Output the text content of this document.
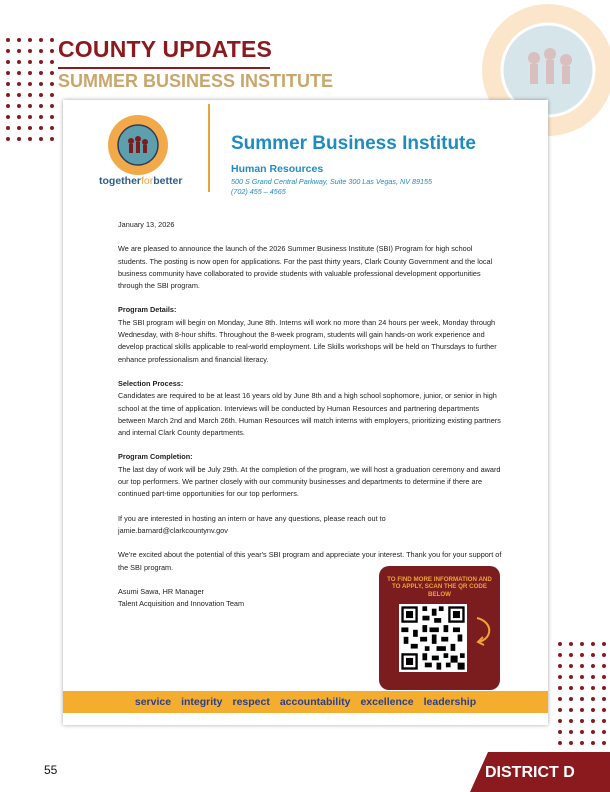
COUNTY UPDATES
SUMMER BUSINESS INSTITUTE
togetherforbetter
Summer Business Institute
Human Resources
500 S Grand Central Parkway, Suite 300 Las Vegas, NV 89155
(702) 455 – 4565

January 13, 2026

We are pleased to announce the launch of the 2026 Summer Business Institute (SBI) Program for high school students. The posting is now open for applications. For the past thirty years, Clark County Government and the local business community have collaborated to provide students with valuable professional development opportunities through the SBI program.

Program Details:
The SBI program will begin on Monday, June 8th. Interns will work no more than 24 hours per week, Monday through Wednesday, with 8-hour shifts. Throughout the 8-week program, students will gain hands-on work experience and develop practical skills applicable to real-world employment. Life Skills workshops will be held on Thursdays to further enhance professionalism and financial literacy.
Selection Process:
Candidates are required to be at least 16 years old by June 8th and a high school sophomore, junior, or senior in high school at the time of application. Interviews will be conducted by Human Resources and partnering departments between March 2nd and March 26th. Human Resources will match interns with employers, prioritizing existing partners and internal Clark County departments.
Program Completion:
The last day of work will be July 29th. At the completion of the program, we will host a graduation ceremony and award our top performers. We partner closely with our community businesses and departments to determine if there are continued part-time opportunities for our top performers.
If you are interested in hosting an intern or have any questions, please reach out to
jamie.barnard@clarkcountynv.gov

We're excited about the potential of this year's SBI program and appreciate your interest. Thank you for your support of the SBI program.

Asumi Sawa, HR Manager
Talent Acquisition and Innovation Team
TO FIND MORE INFORMATION AND TO APPLY, SCAN THE QR CODE BELOW
service integrity respect accountability excellence leadership
55	DISTRICT D
